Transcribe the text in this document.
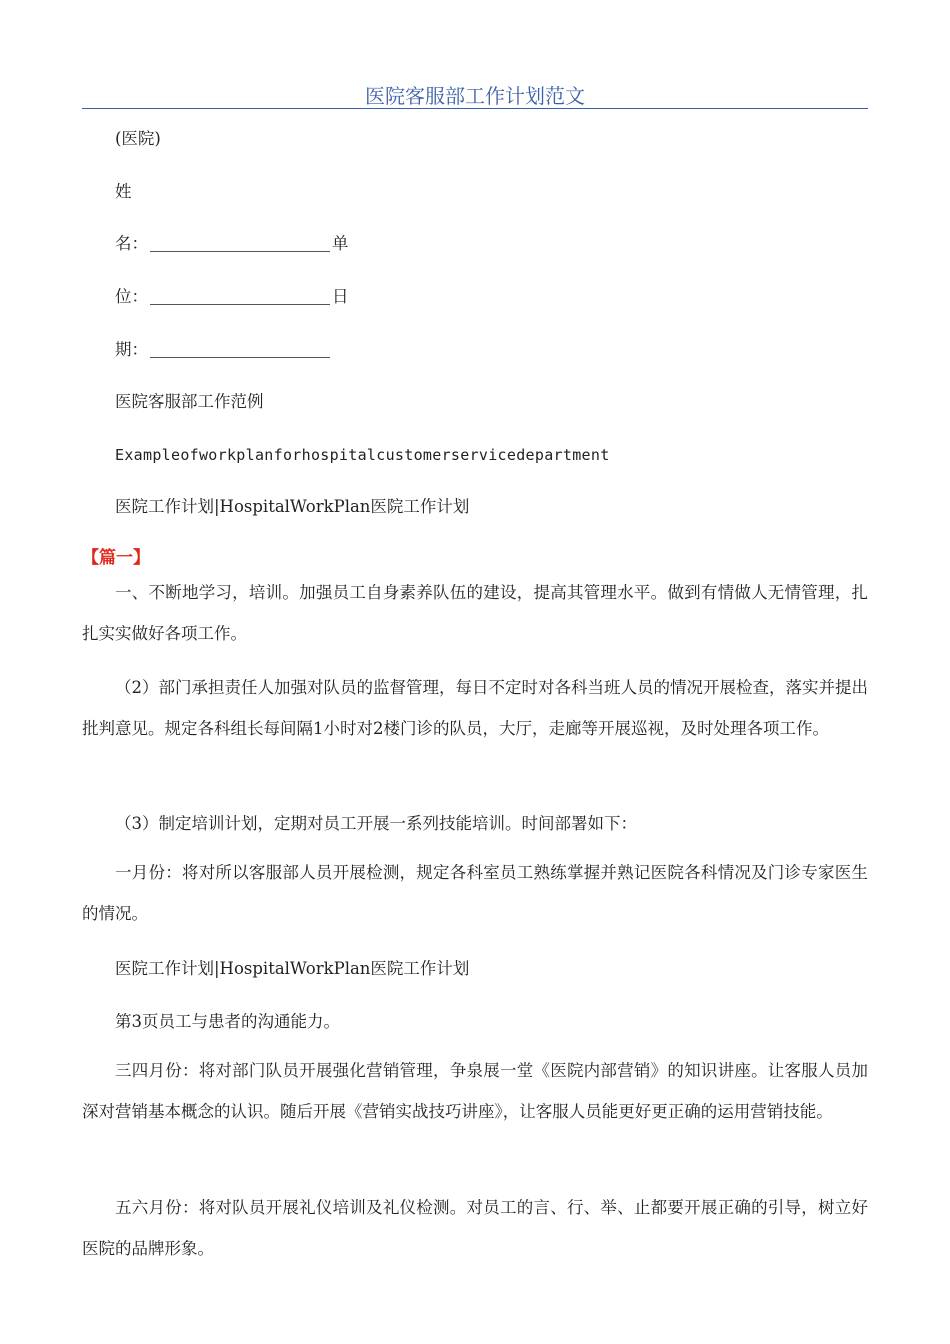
医院客服部工作计划范文
(医院)
姓
名：	单
位：	日
期：
医院客服部工作范例
Exampleofworkplanforhospitalcustomerservicedepartment
医院工作计划|HospitalWorkPlan医院工作计划
【篇一】
一、不断地学习，培训。加强员工自身素养队伍的建设，提高其管理水平。做到有情做人无情管理，扎扎实实做好各项工作。
（2）部门承担责任人加强对队员的监督管理，每日不定时对各科当班人员的情况开展检查，落实并提出批判意见。规定各科组长每间隔1小时对2楼门诊的队员，大厅，走廊等开展巡视，及时处理各项工作。
（3）制定培训计划，定期对员工开展一系列技能培训。时间部署如下：
一月份：将对所以客服部人员开展检测，规定各科室员工熟练掌握并熟记医院各科情况及门诊专家医生的情况。
医院工作计划|HospitalWorkPlan医院工作计划
第3页员工与患者的沟通能力。
三四月份：将对部门队员开展强化营销管理，争泉展一堂《医院内部营销》的知识讲座。让客服人员加深对营销基本概念的认识。随后开展《营销实战技巧讲座》，让客服人员能更好更正确的运用营销技能。
五六月份：将对队员开展礼仪培训及礼仪检测。对员工的言、行、举、止都要开展正确的引导，树立好医院的品牌形象。
